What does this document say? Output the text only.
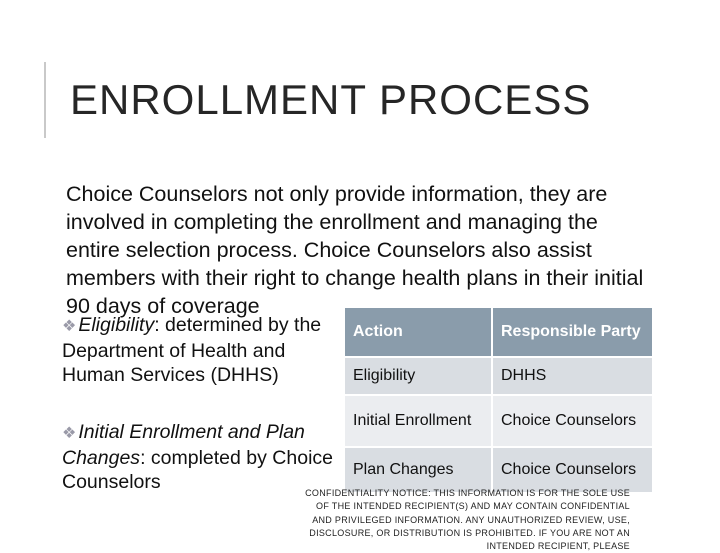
ENROLLMENT PROCESS
Choice Counselors not only provide information, they are involved in completing the enrollment and managing the entire selection process. Choice Counselors also assist members with their right to change health plans in their initial 90 days of coverage
❖ Eligibility: determined by the Department of Health and Human Services (DHHS)
❖ Initial Enrollment and Plan Changes: completed by Choice Counselors
Action	Responsible Party
Eligibility	DHHS
Initial Enrollment	Choice Counselors
Plan Changes	Choice Counselors
CONFIDENTIALITY NOTICE: THIS INFORMATION IS FOR THE SOLE USE OF THE INTENDED RECIPIENT(S) AND MAY CONTAIN CONFIDENTIAL AND PRIVILEGED INFORMATION. ANY UNAUTHORIZED REVIEW, USE, DISCLOSURE, OR DISTRIBUTION IS PROHIBITED. IF YOU ARE NOT AN INTENDED RECIPIENT, PLEASE
